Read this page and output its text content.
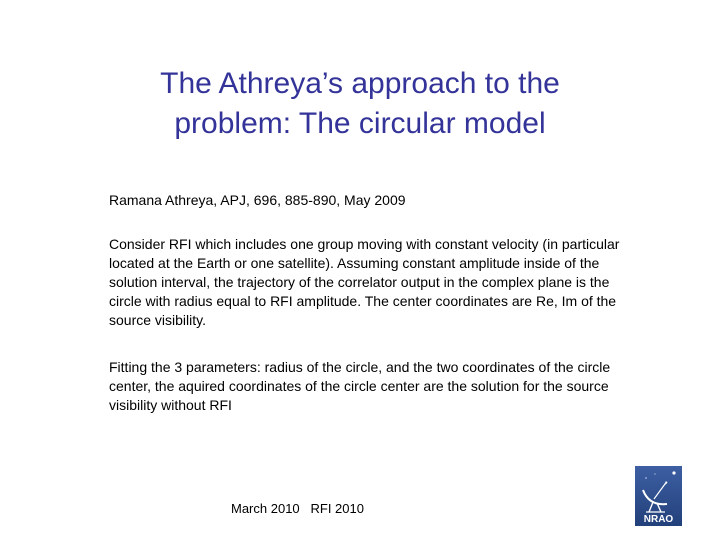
The Athreya’s approach to the
problem: The circular model
Ramana Athreya, APJ, 696, 885-890, May 2009
Consider RFI which includes one group moving with constant velocity (in particular located at the Earth or one satellite). Assuming constant amplitude inside of the solution interval, the trajectory of the correlator output in the complex plane is the circle with radius equal to RFI amplitude. The center coordinates are Re, Im of the source visibility.
Fitting the 3 parameters: radius of the circle, and the two coordinates of the circle center, the aquired coordinates of the circle center are the solution for the source visibility without RFI
March 2010   RFI 2010
NRAO
